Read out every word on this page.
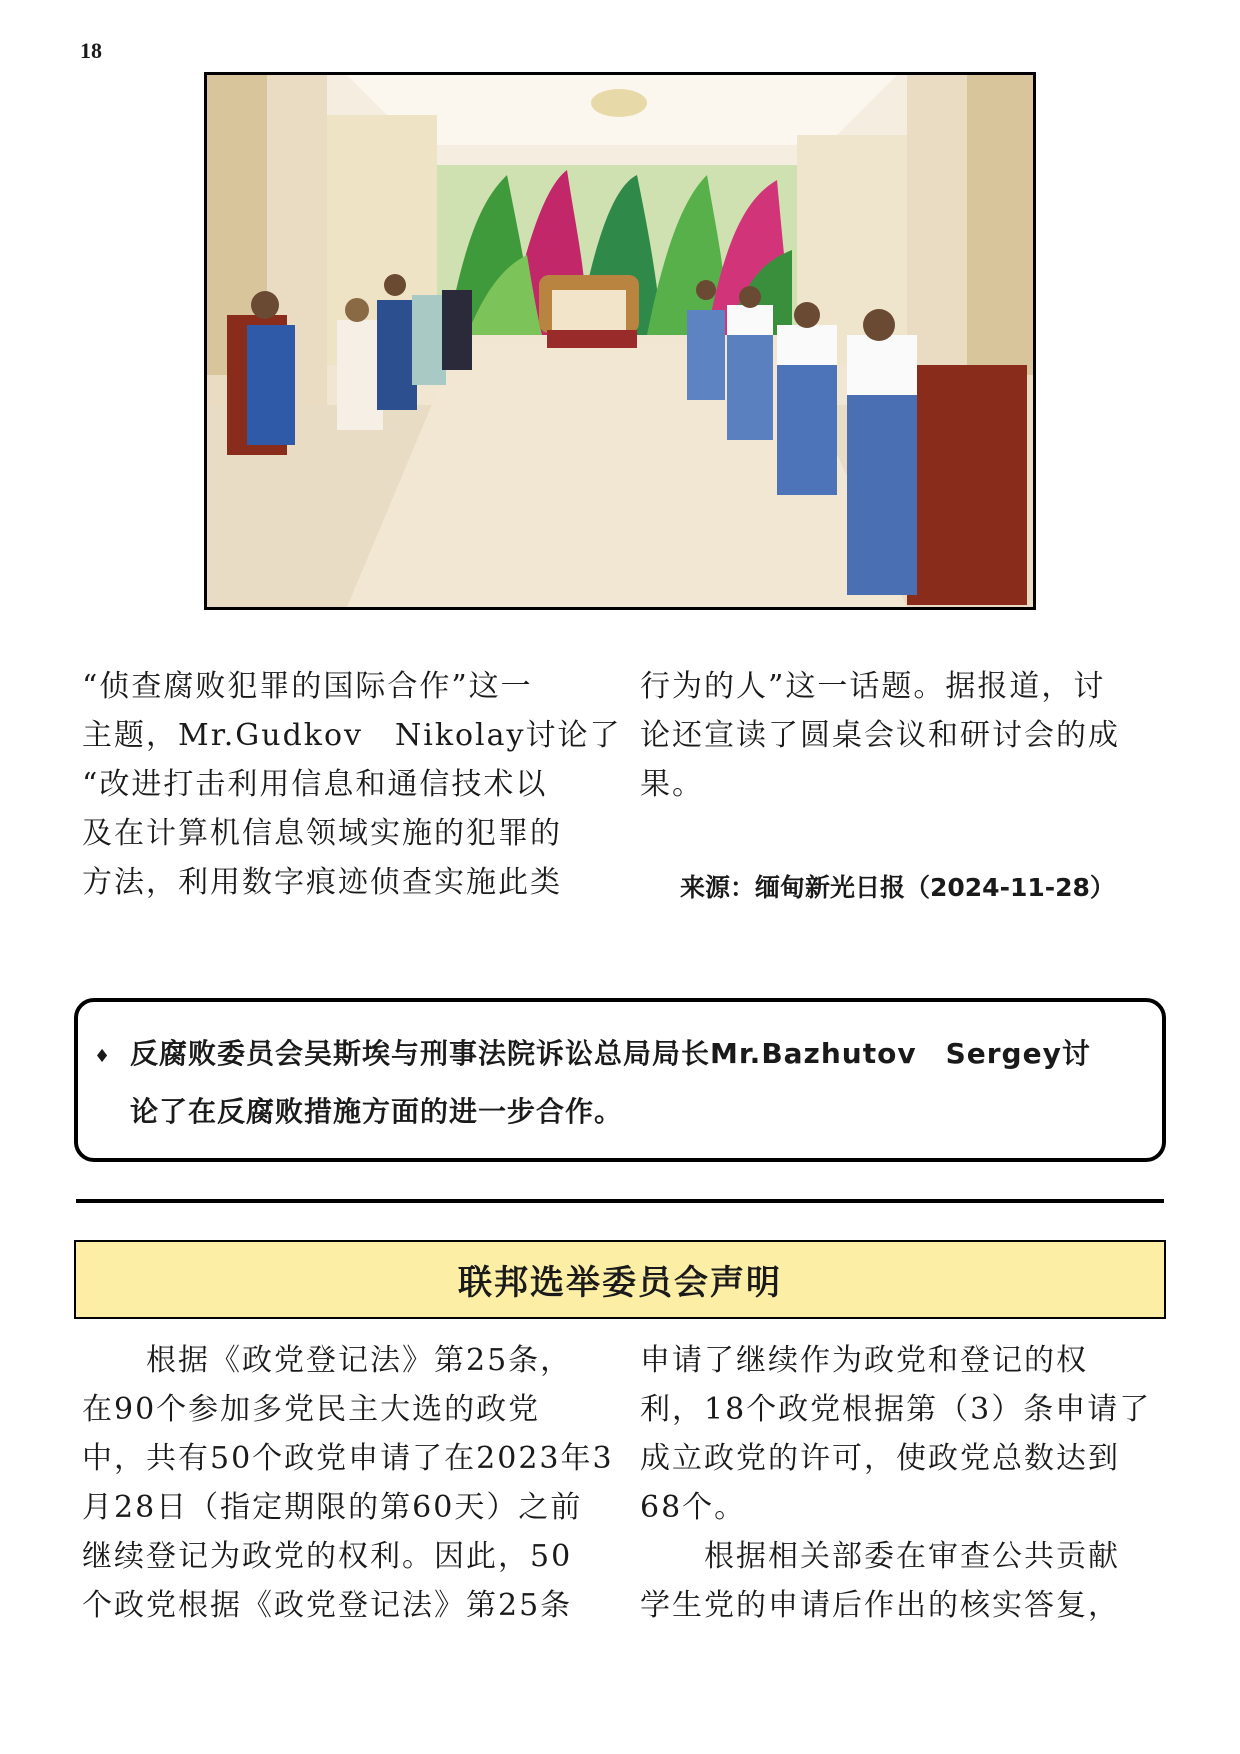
18
“侦查腐败犯罪的国际合作”这一
主题，Mr.Gudkov　Nikolay讨论了
“改进打击利用信息和通信技术以
及在计算机信息领域实施的犯罪的
方法，利用数字痕迹侦查实施此类
行为的人”这一话题。据报道，讨
论还宣读了圆桌会议和研讨会的成
果。
来源：缅甸新光日报（2024-11-28）
♦ 反腐败委员会吴斯埃与刑事法院诉讼总局局长Mr.Bazhutov　Sergey讨
论了在反腐败措施方面的进一步合作。
联邦选举委员会声明
　　根据《政党登记法》第25条，
在90个参加多党民主大选的政党
中，共有50个政党申请了在2023年3
月28日（指定期限的第60天）之前
继续登记为政党的权利。因此，50
个政党根据《政党登记法》第25条
申请了继续作为政党和登记的权
利，18个政党根据第（3）条申请了
成立政党的许可，使政党总数达到
68个。
　　根据相关部委在审查公共贡献
学生党的申请后作出的核实答复，
